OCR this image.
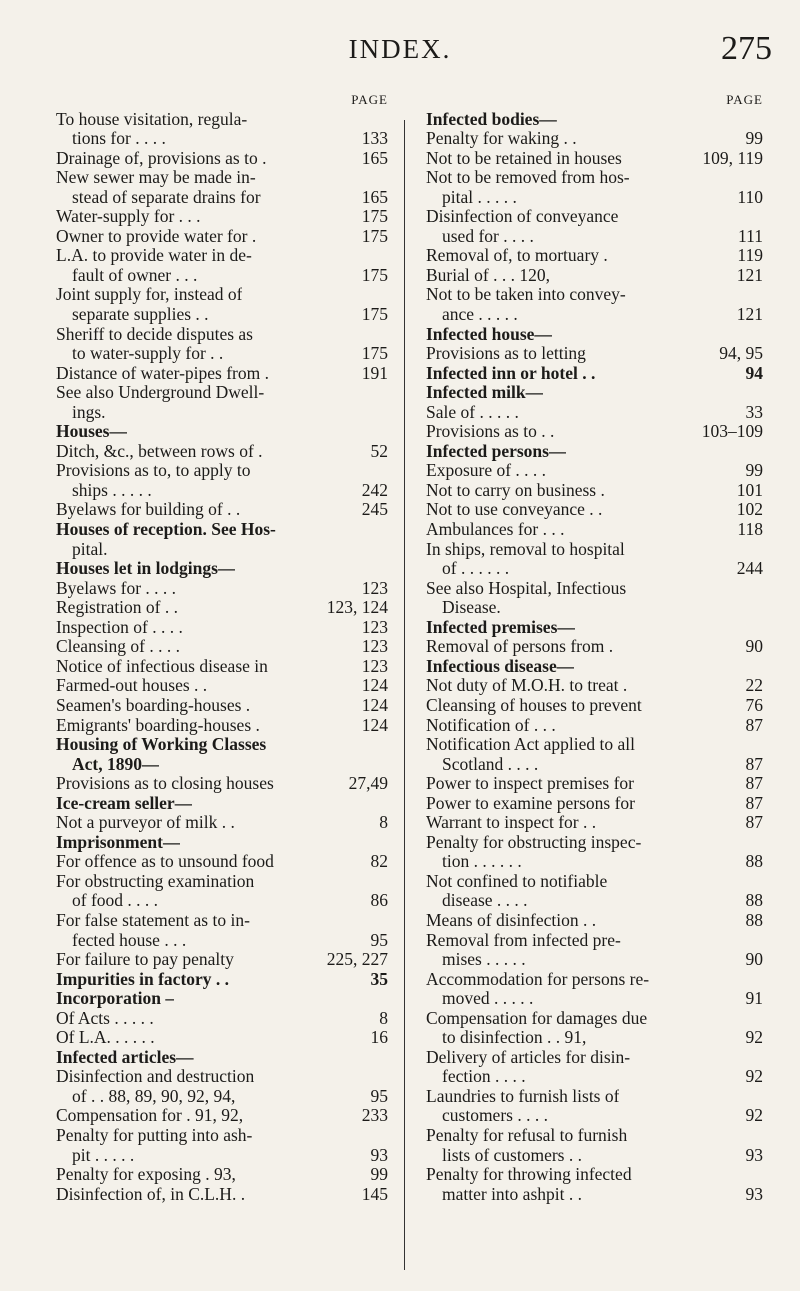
INDEX.	275
PAGE
To house visitation, regula-
tions for . . . .	133
Drainage of, provisions as to .	165
New sewer may be made in-
stead of separate drains for	165
Water-supply for . . .	175
Owner to provide water for .	175
L.A. to provide water in de-
fault of owner . . .	175
Joint supply for, instead of
separate supplies . .	175
Sheriff to decide disputes as
to water-supply for . .	175
Distance of water-pipes from .	191
See also Underground Dwell-
ings.
Houses—
Ditch, &c., between rows of .	52
Provisions as to, to apply to
ships . . . . .	242
Byelaws for building of . .	245
Houses of reception. See Hos-
pital.
Houses let in lodgings—
Byelaws for . . . .	123
Registration of . .	123, 124
Inspection of . . . .	123
Cleansing of . . . .	123
Notice of infectious disease in	123
Farmed-out houses . .	124
Seamen's boarding-houses .	124
Emigrants' boarding-houses .	124
Housing of Working Classes
Act, 1890—
Provisions as to closing houses	27,49
Ice-cream seller—
Not a purveyor of milk . .	8
Imprisonment—
For offence as to unsound food	82
For obstructing examination
of food . . . .	86
For false statement as to in-
fected house . . .	95
For failure to pay penalty	225, 227
Impurities in factory . .	35
Incorporation –
Of Acts . . . . .	8
Of L.A. . . . . .	16
Infected articles—
Disinfection and destruction
of . . 88, 89, 90, 92, 94,	95
Compensation for . 91, 92,	233
Penalty for putting into ash-
pit . . . . .	93
Penalty for exposing . 93,	99
Disinfection of, in C.L.H. .	145
PAGE
Infected bodies—
Penalty for waking . .	99
Not to be retained in houses	109, 119
Not to be removed from hos-
pital . . . . .	110
Disinfection of conveyance
used for . . . .	111
Removal of, to mortuary .	119
Burial of . . . 120,	121
Not to be taken into convey-
ance . . . . .	121
Infected house—
Provisions as to letting	94, 95
Infected inn or hotel . .	94
Infected milk—
Sale of . . . . .	33
Provisions as to . .	103–109
Infected persons—
Exposure of . . . .	99
Not to carry on business .	101
Not to use conveyance . .	102
Ambulances for . . .	118
In ships, removal to hospital
of . . . . . .	244
See also Hospital, Infectious
Disease.
Infected premises—
Removal of persons from .	90
Infectious disease—
Not duty of M.O.H. to treat .	22
Cleansing of houses to prevent	76
Notification of . . .	87
Notification Act applied to all
Scotland . . . .	87
Power to inspect premises for	87
Power to examine persons for	87
Warrant to inspect for . .	87
Penalty for obstructing inspec-
tion . . . . . .	88
Not confined to notifiable
disease . . . .	88
Means of disinfection . .	88
Removal from infected pre-
mises . . . . .	90
Accommodation for persons re-
moved . . . . .	91
Compensation for damages due
to disinfection . . 91,	92
Delivery of articles for disin-
fection . . . .	92
Laundries to furnish lists of
customers . . . .	92
Penalty for refusal to furnish
lists of customers . .	93
Penalty for throwing infected
matter into ashpit . .	93
